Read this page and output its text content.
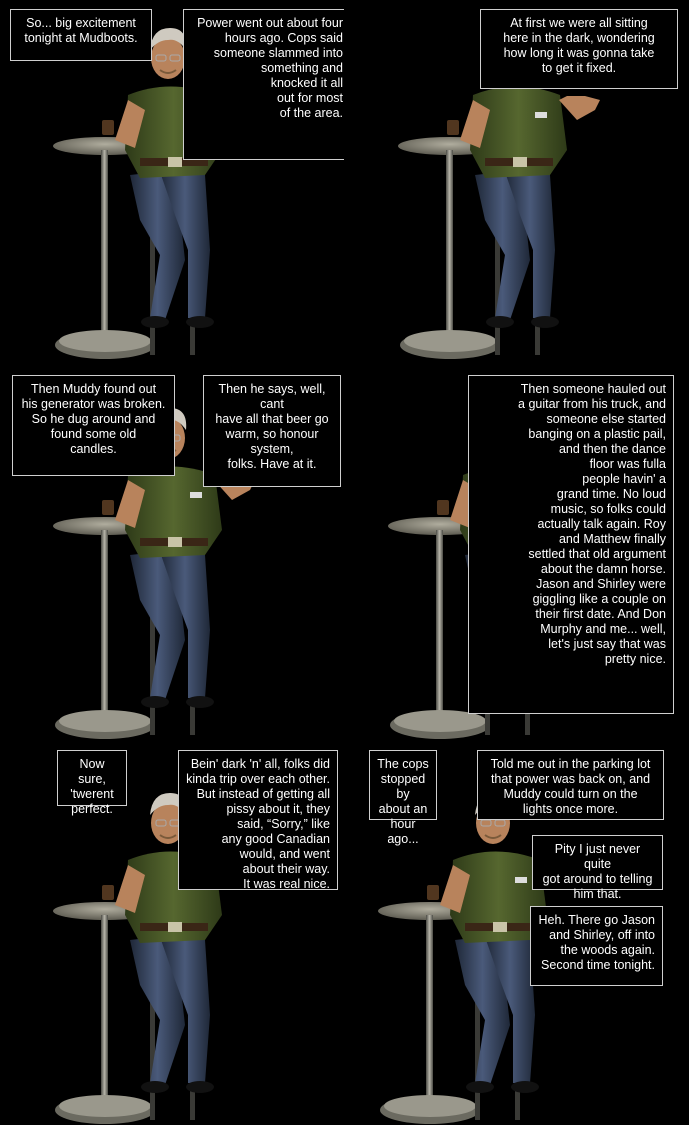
So... big excitement
tonight at Mudboots.
Power went out about four
hours ago. Cops said
someone slammed into
something and
knocked it all
out for most
of the area.
At first we were all sitting
here in the dark, wondering
how long it was gonna take
to get it fixed.
Then Muddy found out
his generator was broken.
So he dug around and
found some old
candles.
Then he says, well, cant
have all that beer go
warm, so honour system,
folks. Have at it.
Then someone hauled out
a guitar from his truck, and
someone else started
banging on a plastic pail,
and then the dance
floor was fulla
people havin' a
grand time. No loud
music, so folks could
actually talk again. Roy
and Matthew finally
settled that old argument
about the damn horse.
Jason and Shirley were
giggling like a couple on
their first date. And Don
Murphy and me... well,
let's just say that was
pretty nice.
Now sure,
'twerent
perfect.
Bein' dark 'n' all, folks did
kinda trip over each other.
But instead of getting all
pissy about it, they
said, “Sorry,” like
any good Canadian
would, and went
about their way.
It was real nice.
The cops
stopped by
about an
hour ago...
Told me out in the parking lot
that power was back on, and
Muddy could turn on the
lights once more.
Pity I just never quite
got around to telling
him that.
Heh. There go Jason
and Shirley, off into
the woods again.
Second time tonight.
